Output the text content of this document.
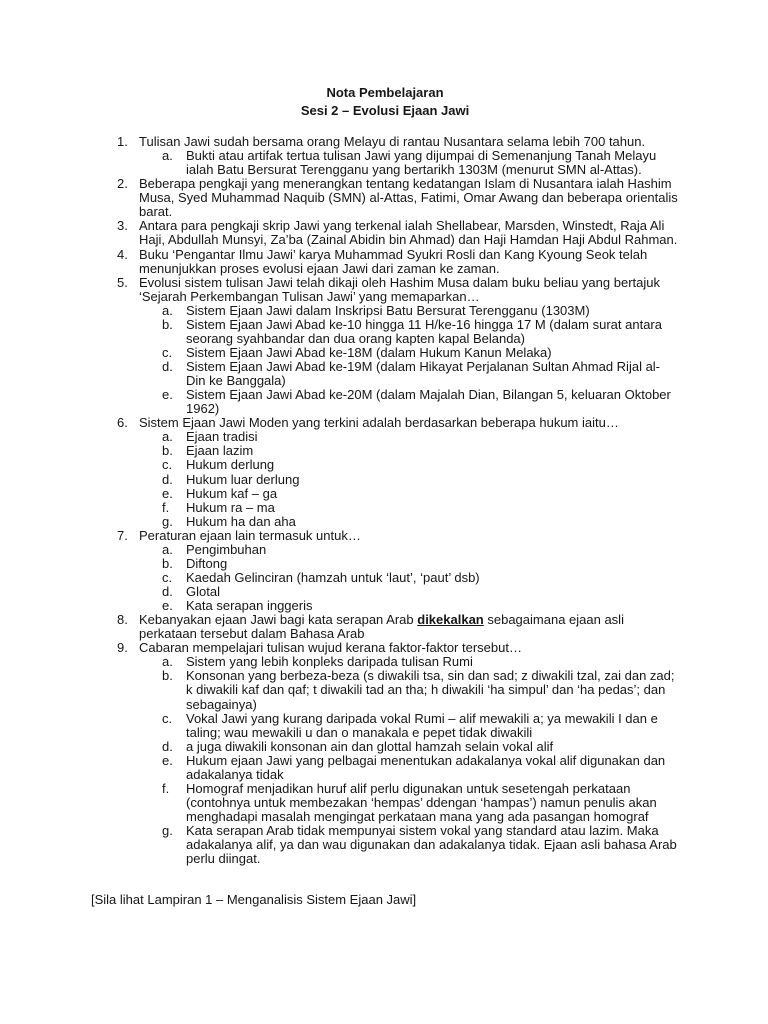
Nota Pembelajaran
Sesi 2 – Evolusi Ejaan Jawi
1. Tulisan Jawi sudah bersama orang Melayu di rantau Nusantara selama lebih 700 tahun.
a.	Bukti atau artifak tertua tulisan Jawi yang dijumpai di Semenanjung Tanah Melayu ialah Batu Bersurat Terengganu yang bertarikh 1303M (menurut SMN al-Attas).
2. Beberapa pengkaji yang menerangkan tentang kedatangan Islam di Nusantara ialah Hashim Musa, Syed Muhammad Naquib (SMN) al-Attas, Fatimi, Omar Awang dan beberapa orientalis barat.
3. Antara para pengkaji skrip Jawi yang terkenal ialah Shellabear, Marsden, Winstedt, Raja Ali Haji, Abdullah Munsyi, Za’ba (Zainal Abidin bin Ahmad) dan Haji Hamdan Haji Abdul Rahman.
4. Buku ‘Pengantar Ilmu Jawi’ karya Muhammad Syukri Rosli dan Kang Kyoung Seok telah menunjukkan proses evolusi ejaan Jawi dari zaman ke zaman.
5. Evolusi sistem tulisan Jawi telah dikaji oleh Hashim Musa dalam buku beliau yang bertajuk ‘Sejarah Perkembangan Tulisan Jawi’ yang memaparkan…
a.	Sistem Ejaan Jawi dalam Inskripsi Batu Bersurat Terengganu (1303M)
b.	Sistem Ejaan Jawi Abad ke-10 hingga 11 H/ke-16 hingga 17 M (dalam surat antara seorang syahbandar dan dua orang kapten kapal Belanda)
c.	Sistem Ejaan Jawi Abad ke-18M (dalam Hukum Kanun Melaka)
d.	Sistem Ejaan Jawi Abad ke-19M (dalam Hikayat Perjalanan Sultan Ahmad Rijal al-Din ke Banggala)
e.	Sistem Ejaan Jawi Abad ke-20M (dalam Majalah Dian, Bilangan 5, keluaran Oktober 1962)
6. Sistem Ejaan Jawi Moden yang terkini adalah berdasarkan beberapa hukum iaitu…
a.	Ejaan tradisi
b.	Ejaan lazim
c.	Hukum derlung
d.	Hukum luar derlung
e.	Hukum kaf – ga
f.	Hukum ra – ma
g.	Hukum ha dan aha
7. Peraturan ejaan lain termasuk untuk…
a.	Pengimbuhan
b.	Diftong
c.	Kaedah Gelinciran (hamzah untuk ‘laut’, ‘paut’ dsb)
d.	Glotal
e.	Kata serapan inggeris
8. Kebanyakan ejaan Jawi bagi kata serapan Arab dikekalkan sebagaimana ejaan asli perkataan tersebut dalam Bahasa Arab
9. Cabaran mempelajari tulisan wujud kerana faktor-faktor tersebut…
a.	Sistem yang lebih konpleks daripada tulisan Rumi
b.	Konsonan yang berbeza-beza (s diwakili tsa, sin dan sad; z diwakili tzal, zai dan zad; k diwakili kaf dan qaf; t diwakili tad an tha; h diwakili ‘ha simpul’ dan ‘ha pedas’; dan sebagainya)
c.	Vokal Jawi yang kurang daripada vokal Rumi – alif mewakili a; ya mewakili I dan e taling; wau mewakili u dan o manakala e pepet tidak diwakili
d.	a juga diwakili konsonan ain dan glottal hamzah selain vokal alif
e.	Hukum ejaan Jawi yang pelbagai menentukan adakalanya vokal alif digunakan dan adakalanya tidak
f.	Homograf menjadikan huruf alif perlu digunakan untuk sesetengah perkataan (contohnya untuk membezakan ‘hempas’ ddengan ‘hampas’) namun penulis akan menghadapi masalah mengingat perkataan mana yang ada pasangan homograf
g.	Kata serapan Arab tidak mempunyai sistem vokal yang standard atau lazim. Maka adakalanya alif, ya dan wau digunakan dan adakalanya tidak. Ejaan asli bahasa Arab perlu diingat.
[Sila lihat Lampiran 1 – Menganalisis Sistem Ejaan Jawi]
